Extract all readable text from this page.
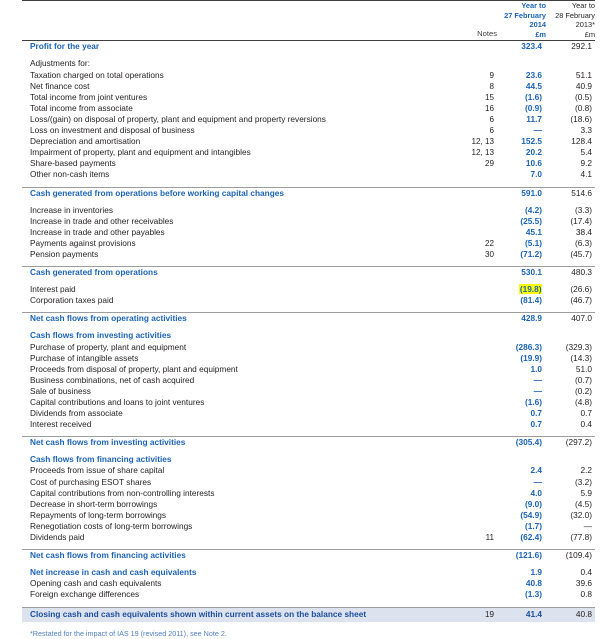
	Notes	Year to
27 February
2014
£m	Year to
28 February
2013*
£m

Profit for the year		323.4	292.1

Adjustments for:			
Taxation charged on total operations	9	23.6	51.1
Net finance cost	8	44.5	40.9
Total income from joint ventures	15	(1.6)	(0.5)
Total income from associate	16	(0.9)	(0.8)
Loss/(gain) on disposal of property, plant and equipment and property reversions	6	11.7	(18.6)
Loss on investment and disposal of business	6	—	3.3
Depreciation and amortisation	12, 13	152.5	128.4
Impairment of property, plant and equipment and intangibles	12, 13	20.2	5.4
Share-based payments	29	10.6	9.2
Other non-cash items		7.0	4.1

Cash generated from operations before working capital changes		591.0	514.6

Increase in inventories		(4.2)	(3.3)
Increase in trade and other receivables		(25.5)	(17.4)
Increase in trade and other payables		45.1	38.4
Payments against provisions	22	(5.1)	(6.3)
Pension payments	30	(71.2)	(45.7)

Cash generated from operations		530.1	480.3

Interest paid		(19.8)	(26.6)
Corporation taxes paid		(81.4)	(46.7)

Net cash flows from operating activities		428.9	407.0

Cash flows from investing activities			
Purchase of property, plant and equipment		(286.3)	(329.3)
Purchase of intangible assets		(19.9)	(14.3)
Proceeds from disposal of property, plant and equipment		1.0	51.0
Business combinations, net of cash acquired		—	(0.7)
Sale of business		—	(0.2)
Capital contributions and loans to joint ventures		(1.6)	(4.8)
Dividends from associate		0.7	0.7
Interest received		0.7	0.4

Net cash flows from investing activities		(305.4)	(297.2)

Cash flows from financing activities			
Proceeds from issue of share capital		2.4	2.2
Cost of purchasing ESOT shares		—	(3.2)
Capital contributions from non-controlling interests		4.0	5.9
Decrease in short-term borrowings		(9.0)	(4.5)
Repayments of long-term borrowings		(54.9)	(32.0)
Renegotiation costs of long-term borrowings		(1.7)	—
Dividends paid	11	(62.4)	(77.8)

Net cash flows from financing activities		(121.6)	(109.4)

Net increase in cash and cash equivalents		1.9	0.4
Opening cash and cash equivalents		40.8	39.6
Foreign exchange differences		(1.3)	0.8

Closing cash and cash equivalents shown within current assets on the balance sheet	19	41.4	40.8
*Restated for the impact of IAS 19 (revised 2011), see Note 2.
